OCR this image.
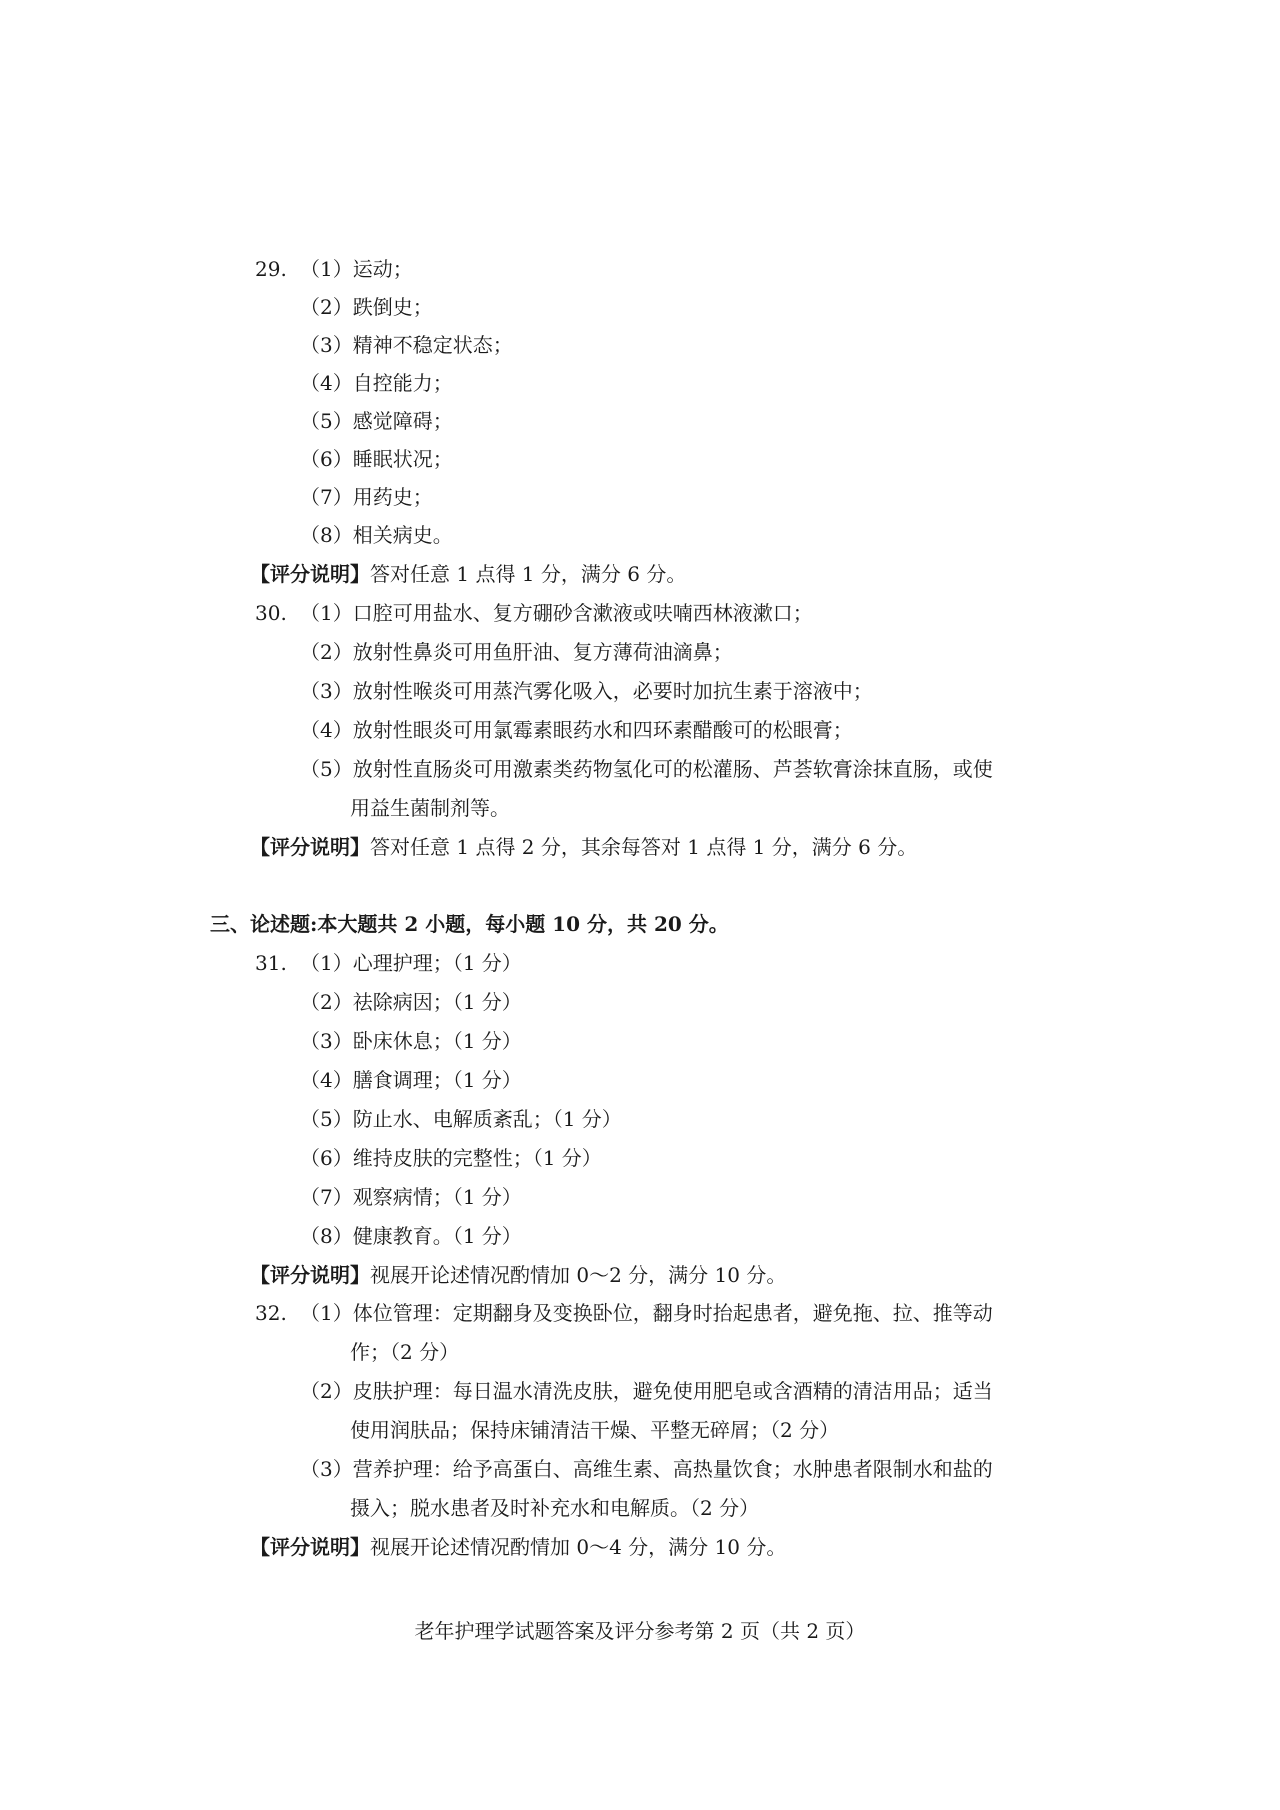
29. （1）运动；
（2）跌倒史；
（3）精神不稳定状态；
（4）自控能力；
（5）感觉障碍；
（6）睡眠状况；
（7）用药史；
（8）相关病史。
【评分说明】答对任意 1 点得 1 分，满分 6 分。
30. （1）口腔可用盐水、复方硼砂含漱液或呋喃西林液漱口；
（2）放射性鼻炎可用鱼肝油、复方薄荷油滴鼻；
（3）放射性喉炎可用蒸汽雾化吸入，必要时加抗生素于溶液中；
（4）放射性眼炎可用氯霉素眼药水和四环素醋酸可的松眼膏；
（5）放射性直肠炎可用激素类药物氢化可的松灌肠、芦荟软膏涂抹直肠，或使
用益生菌制剂等。
【评分说明】答对任意 1 点得 2 分，其余每答对 1 点得 1 分，满分 6 分。
三、论述题:本大题共 2 小题，每小题 10 分，共 20 分。
31. （1）心理护理；（1 分）
（2）祛除病因；（1 分）
（3）卧床休息；（1 分）
（4）膳食调理；（1 分）
（5）防止水、电解质紊乱；（1 分）
（6）维持皮肤的完整性；（1 分）
（7）观察病情；（1 分）
（8）健康教育。（1 分）
【评分说明】视展开论述情况酌情加 0～2 分，满分 10 分。
32. （1）体位管理：定期翻身及变换卧位，翻身时抬起患者，避免拖、拉、推等动
作；（2 分）
（2）皮肤护理：每日温水清洗皮肤，避免使用肥皂或含酒精的清洁用品；适当
使用润肤品；保持床铺清洁干燥、平整无碎屑；（2 分）
（3）营养护理：给予高蛋白、高维生素、高热量饮食；水肿患者限制水和盐的
摄入；脱水患者及时补充水和电解质。（2 分）
【评分说明】视展开论述情况酌情加 0～4 分，满分 10 分。
老年护理学试题答案及评分参考第 2 页（共 2 页）
